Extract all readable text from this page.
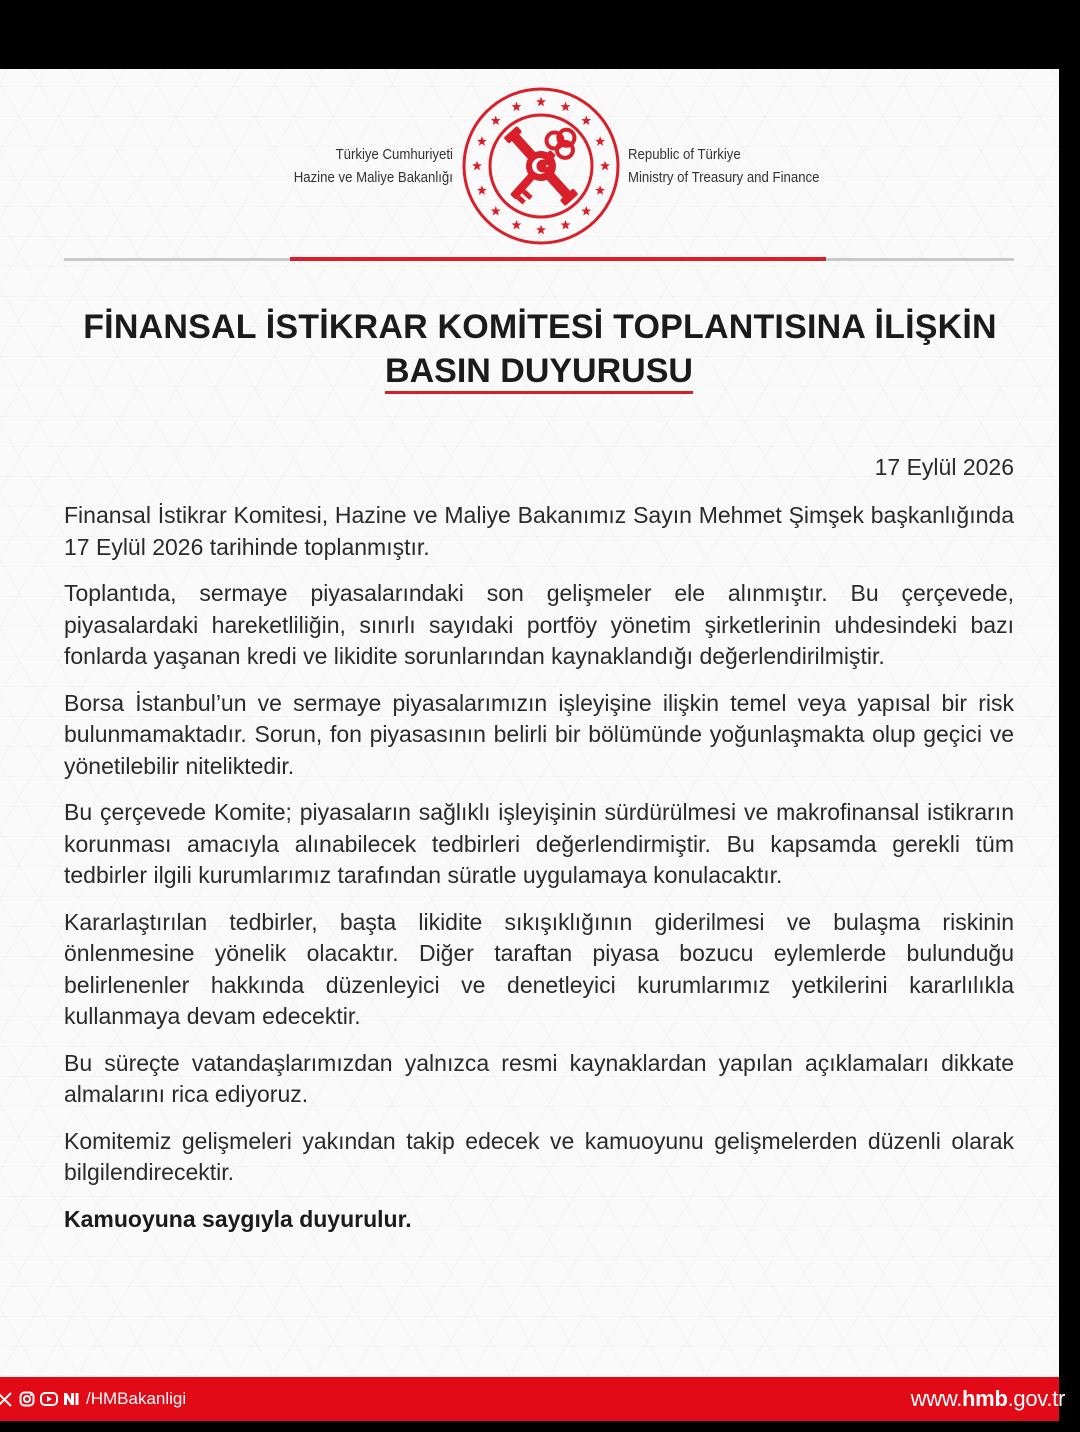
Türkiye Cumhuriyeti
Hazine ve Maliye Bakanlığı
Republic of Türkiye
Ministry of Treasury and Finance
FİNANSAL İSTİKRAR KOMİTESİ TOPLANTISINA İLİŞKİN
BASIN DUYURUSU
17 Eylül 2026

Finansal İstikrar Komitesi, Hazine ve Maliye Bakanımız Sayın Mehmet Şimşek başkanlığında 17 Eylül 2026 tarihinde toplanmıştır.

Toplantıda, sermaye piyasalarındaki son gelişmeler ele alınmıştır. Bu çerçevede, piyasalardaki hareketliliğin, sınırlı sayıdaki portföy yönetim şirketlerinin uhdesindeki bazı fonlarda yaşanan kredi ve likidite sorunlarından kaynaklandığı değerlendirilmiştir.

Borsa İstanbul’un ve sermaye piyasalarımızın işleyişine ilişkin temel veya yapısal bir risk bulunmamaktadır. Sorun, fon piyasasının belirli bir bölümünde yoğunlaşmakta olup geçici ve yönetilebilir niteliktedir.

Bu çerçevede Komite; piyasaların sağlıklı işleyişinin sürdürülmesi ve makrofinansal istikrarın korunması amacıyla alınabilecek tedbirleri değerlendirmiştir. Bu kapsamda gerekli tüm tedbirler ilgili kurumlarımız tarafından süratle uygulamaya konulacaktır.

Kararlaştırılan tedbirler, başta likidite sıkışıklığının giderilmesi ve bulaşma riskinin önlenmesine yönelik olacaktır. Diğer taraftan piyasa bozucu eylemlerde bulunduğu belirlenenler hakkında düzenleyici ve denetleyici kurumlarımız yetkilerini kararlılıkla kullanmaya devam edecektir.

Bu süreçte vatandaşlarımızdan yalnızca resmi kaynaklardan yapılan açıklamaları dikkate almalarını rica ediyoruz.

Komitemiz gelişmeleri yakından takip edecek ve kamuoyunu gelişmelerden düzenli olarak bilgilendirecektir.

Kamuoyuna saygıyla duyurulur.

/HMBakanligi	www.hmb.gov.tr
